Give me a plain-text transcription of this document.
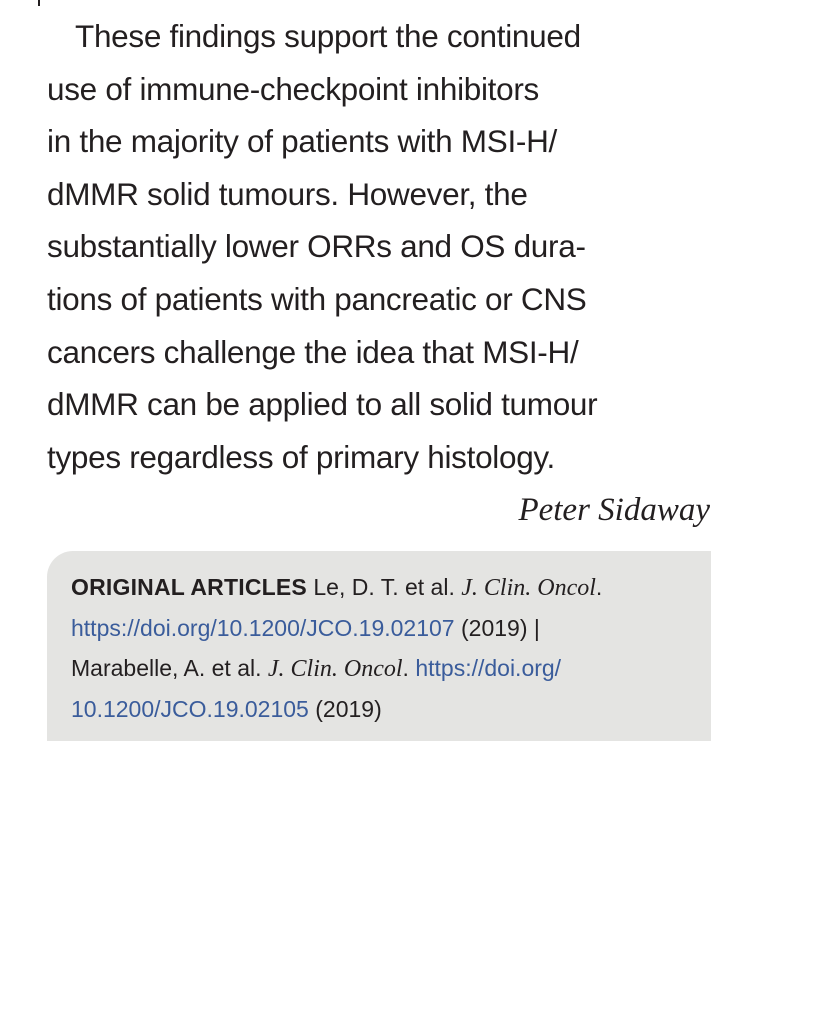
These findings support the continued
use of immune-checkpoint inhibitors
in the majority of patients with MSI-H/
dMMR solid tumours. However, the
substantially lower ORRs and OS dura-
tions of patients with pancreatic or CNS
cancers challenge the idea that MSI-H/
dMMR can be applied to all solid tumour
types regardless of primary histology.
Peter Sidaway
ORIGINAL ARTICLES Le, D. T. et al. J. Clin. Oncol.
https://doi.org/10.1200/JCO.19.02107 (2019) |
Marabelle, A. et al. J. Clin. Oncol. https://doi.org/
10.1200/JCO.19.02105 (2019)
